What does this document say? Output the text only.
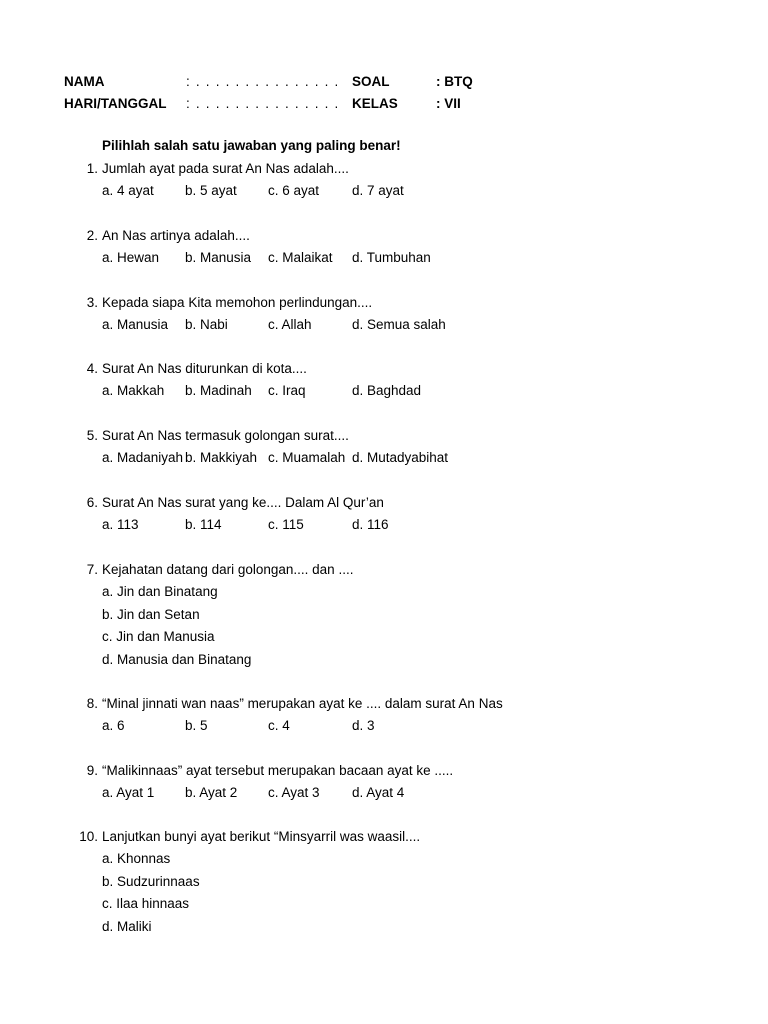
NAMA	: . . . . . . . . . . . . . . . SOAL	: BTQ
HARI/TANGGAL : . . . . . . . . . . . . . . . KELAS	: VII
Pilihlah salah satu jawaban yang paling benar!
1. Jumlah ayat pada surat An Nas adalah....
a. 4 ayat b. 5 ayat c. 6 ayat d. 7 ayat
2. An Nas artinya adalah....
a. Hewan b. Manusia c. Malaikat d. Tumbuhan
3. Kepada siapa Kita memohon perlindungan....
a. Manusia b. Nabi	c. Allah	d. Semua salah
4. Surat An Nas diturunkan di kota....
a. Makkah b. Madinah c. Iraq	d. Baghdad
5. Surat An Nas termasuk golongan surat....
a. Madaniyah b. Makkiyah c. Muamalah d. Mutadyabihat
6. Surat An Nas surat yang ke.... Dalam Al Qur’an
a. 113	b. 114	c. 115	d. 116
7. Kejahatan datang dari golongan.... dan ....
a. Jin dan Binatang
b. Jin dan Setan
c. Jin dan Manusia
d. Manusia dan Binatang
8. “Minal jinnati wan naas” merupakan ayat ke .... dalam surat An Nas
a. 6	b. 5	c. 4	d. 3
9. “Malikinnaas” ayat tersebut merupakan bacaan ayat ke .....
a. Ayat 1 b. Ayat 2 c. Ayat 3 d. Ayat 4
10. Lanjutkan bunyi ayat berikut “Minsyarril was waasil....
a. Khonnas
b. Sudzurinnaas
c. Ilaa hinnaas
d. Maliki
